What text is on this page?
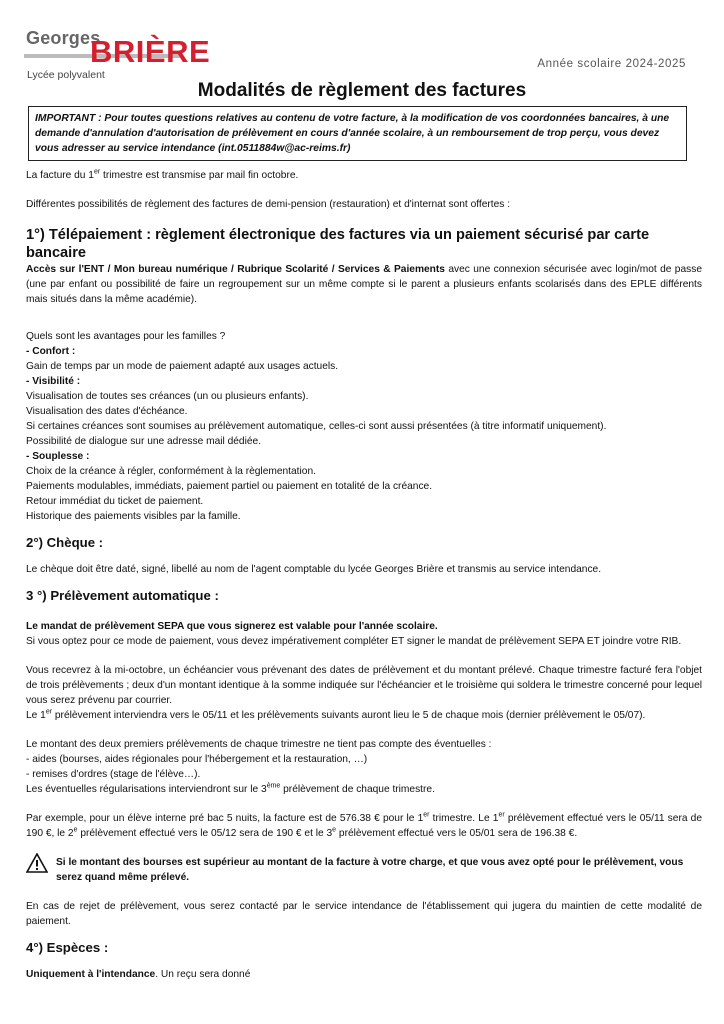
Georges
BRIÈRE
Lycée polyvalent
Année scolaire 2024-2025
Modalités de règlement des factures
IMPORTANT : Pour toutes questions relatives au contenu de votre facture, à la modification de vos coordonnées bancaires, à une demande d'annulation d'autorisation de prélèvement en cours d'année scolaire, à un remboursement de trop perçu, vous devez vous adresser au service intendance (int.0511884w@ac-reims.fr)

La facture du 1er trimestre est transmise par mail fin octobre.

Différentes possibilités de règlement des factures de demi-pension (restauration) et d'internat sont offertes :

1°) Télépaiement : règlement électronique des factures via un paiement sécurisé par carte bancaire

Accès sur l'ENT / Mon bureau numérique / Rubrique Scolarité / Services & Paiements avec une connexion sécurisée avec login/mot de passe (une par enfant ou possibilité de faire un regroupement sur un même compte si le parent a plusieurs enfants scolarisés dans des EPLE différents mais situés dans la même académie).

Quels sont les avantages pour les familles ?

- Confort :

Gain de temps par un mode de paiement adapté aux usages actuels.

- Visibilité :

Visualisation de toutes ses créances (un ou plusieurs enfants).

Visualisation des dates d'échéance.

Si certaines créances sont soumises au prélèvement automatique, celles-ci sont aussi présentées (à titre informatif uniquement).

Possibilité de dialogue sur une adresse mail dédiée.

- Souplesse :

Choix de la créance à régler, conformément à la règlementation.

Paiements modulables, immédiats, paiement partiel ou paiement en totalité de la créance.

Retour immédiat du ticket de paiement.

Historique des paiements visibles par la famille.

2°) Chèque :

Le chèque doit être daté, signé, libellé au nom de l'agent comptable du lycée Georges Brière et transmis au service intendance.

3 °) Prélèvement automatique :

Le mandat de prélèvement SEPA que vous signerez est valable pour l'année scolaire.

Si vous optez pour ce mode de paiement, vous devez impérativement compléter ET signer le mandat de prélèvement SEPA ET joindre votre RIB.

Vous recevrez à la mi-octobre, un échéancier vous prévenant des dates de prélèvement et du montant prélevé. Chaque trimestre facturé fera l'objet de trois prélèvements ; deux d'un montant identique à la somme indiquée sur l'échéancier et le troisième qui soldera le trimestre concerné pour lequel vous serez prévenu par courrier.

Le 1er prélèvement interviendra vers le 05/11 et les prélèvements suivants auront lieu le 5 de chaque mois (dernier prélèvement le 05/07).

Le montant des deux premiers prélèvements de chaque trimestre ne tient pas compte des éventuelles :

- aides (bourses, aides régionales pour l'hébergement et la restauration, …)

- remises d'ordres (stage de l'élève…).

Les éventuelles régularisations interviendront sur le 3ème prélèvement de chaque trimestre.

Par exemple, pour un élève interne pré bac 5 nuits, la facture est de 576.38 € pour le 1er trimestre. Le 1er prélèvement effectué vers le 05/11 sera de 190 €, le 2e prélèvement effectué vers le 05/12 sera de 190 € et le 3e prélèvement effectué vers le 05/01 sera de 196.38 €.

Si le montant des bourses est supérieur au montant de la facture à votre charge, et que vous avez opté pour le prélèvement, vous serez quand même prélevé.

En cas de rejet de prélèvement, vous serez contacté par le service intendance de l'établissement qui jugera du maintien de cette modalité de paiement.

4°) Espèces :

Uniquement à l'intendance. Un reçu sera donné
